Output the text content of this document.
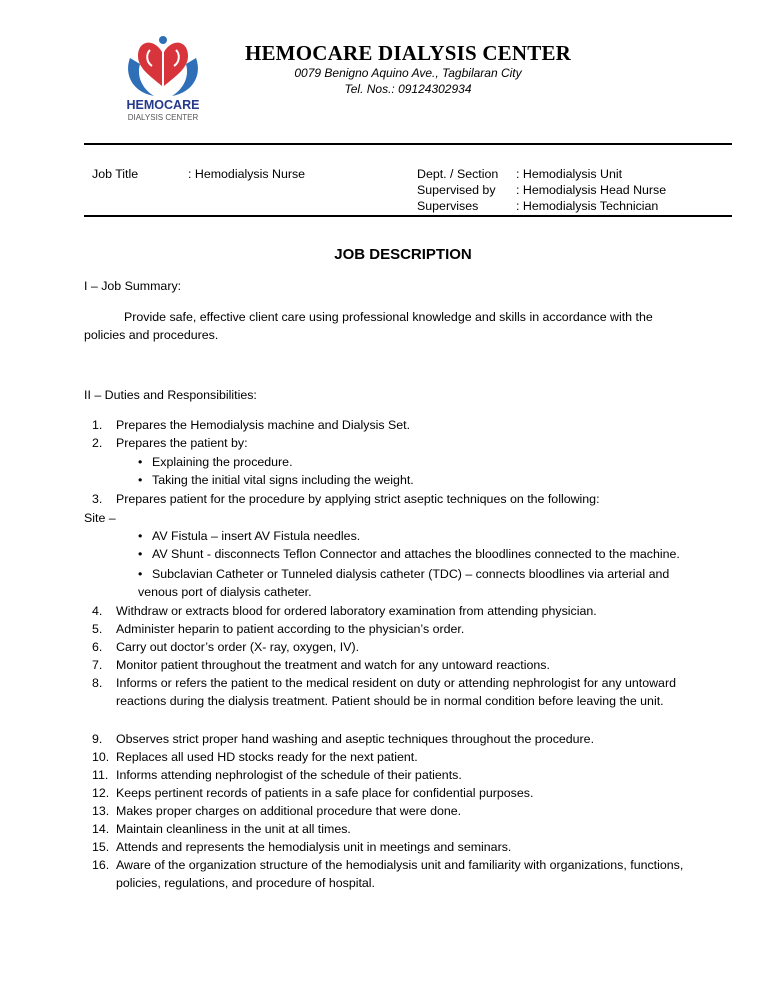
HEMOCARE
DIALYSIS CENTER
HEMOCARE DIALYSIS CENTER
0079 Benigno Aquino Ave., Tagbilaran City
Tel. Nos.: 09124302934
Job Title	: Hemodialysis Nurse	Dept. / Section : Hemodialysis Unit
Supervised by : Hemodialysis Head Nurse
Supervises	: Hemodialysis Technician
JOB DESCRIPTION
I – Job Summary:
Provide safe, effective client care using professional knowledge and skills in accordance with the
policies and procedures.
II – Duties and Responsibilities:
1. Prepares the Hemodialysis machine and Dialysis Set.
2. Prepares the patient by:
• Explaining the procedure.
• Taking the initial vital signs including the weight.
3. Prepares patient for the procedure by applying strict aseptic techniques on the following:
Site –
• AV Fistula – insert AV Fistula needles.
• AV Shunt - disconnects Teflon Connector and attaches the bloodlines connected to the machine.
• Subclavian Catheter or Tunneled dialysis catheter (TDC) – connects bloodlines via arterial and
venous port of dialysis catheter.
4. Withdraw or extracts blood for ordered laboratory examination from attending physician.
5. Administer heparin to patient according to the physician’s order.
6. Carry out doctor’s order (X- ray, oxygen, IV).
7. Monitor patient throughout the treatment and watch for any untoward reactions.
8. Informs or refers the patient to the medical resident on duty or attending nephrologist for any untoward reactions during the dialysis treatment. Patient should be in normal condition before leaving the unit.
9. Observes strict proper hand washing and aseptic techniques throughout the procedure.
10. Replaces all used HD stocks ready for the next patient.
11. Informs attending nephrologist of the schedule of their patients.
12. Keeps pertinent records of patients in a safe place for confidential purposes.
13. Makes proper charges on additional procedure that were done.
14. Maintain cleanliness in the unit at all times.
15. Attends and represents the hemodialysis unit in meetings and seminars.
16. Aware of the organization structure of the hemodialysis unit and familiarity with organizations, functions, policies, regulations, and procedure of hospital.
